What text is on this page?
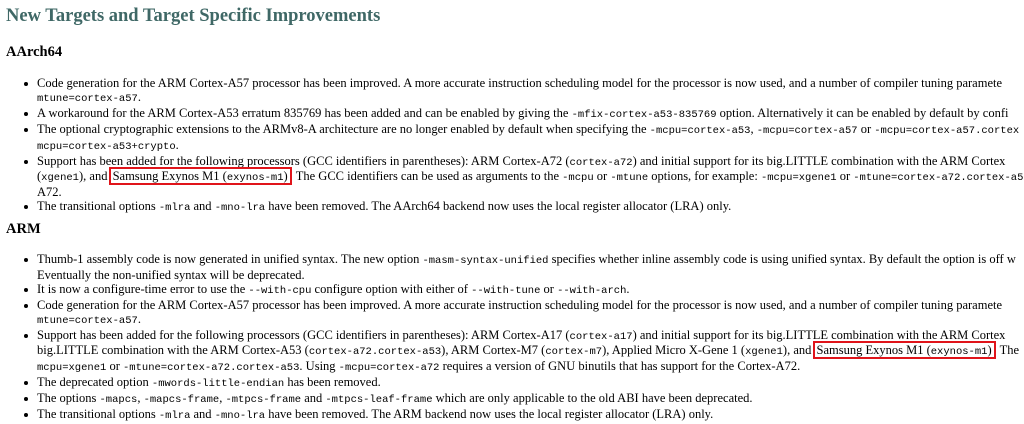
New Targets and Target Specific Improvements
AArch64
Code generation for the ARM Cortex-A57 processor has been improved. A more accurate instruction scheduling model for the processor is now used, and a number of compiler tuning paramete
mtune=cortex-a57.
A workaround for the ARM Cortex-A53 erratum 835769 has been added and can be enabled by giving the -mfix-cortex-a53-835769 option. Alternatively it can be enabled by default by confi
The optional cryptographic extensions to the ARMv8-A architecture are no longer enabled by default when specifying the -mcpu=cortex-a53, -mcpu=cortex-a57 or -mcpu=cortex-a57.cortex
mcpu=cortex-a53+crypto.
Support has been added for the following processors (GCC identifiers in parentheses): ARM Cortex-A72 (cortex-a72) and initial support for its big.LITTLE combination with the ARM Cortex
(xgene1), and Samsung Exynos M1 (exynos-m1) . The GCC identifiers can be used as arguments to the -mcpu or -mtune options, for example: -mcpu=xgene1 or -mtune=cortex-a72.cortex-a5
A72.
The transitional options -mlra and -mno-lra have been removed. The AArch64 backend now uses the local register allocator (LRA) only.
ARM
Thumb-1 assembly code is now generated in unified syntax. The new option -masm-syntax-unified specifies whether inline assembly code is using unified syntax. By default the option is off w
Eventually the non-unified syntax will be deprecated.
It is now a configure-time error to use the --with-cpu configure option with either of --with-tune or --with-arch.
Code generation for the ARM Cortex-A57 processor has been improved. A more accurate instruction scheduling model for the processor is now used, and a number of compiler tuning paramete
mtune=cortex-a57.
Support has been added for the following processors (GCC identifiers in parentheses): ARM Cortex-A17 (cortex-a17) and initial support for its big.LITTLE combination with the ARM Cortex
big.LITTLE combination with the ARM Cortex-A53 (cortex-a72.cortex-a53), ARM Cortex-M7 (cortex-m7), Applied Micro X-Gene 1 (xgene1), and Samsung Exynos M1 (exynos-m1) . The
mcpu=xgene1 or -mtune=cortex-a72.cortex-a53. Using -mcpu=cortex-a72 requires a version of GNU binutils that has support for the Cortex-A72.
The deprecated option -mwords-little-endian has been removed.
The options -mapcs, -mapcs-frame, -mtpcs-frame and -mtpcs-leaf-frame which are only applicable to the old ABI have been deprecated.
The transitional options -mlra and -mno-lra have been removed. The ARM backend now uses the local register allocator (LRA) only.
